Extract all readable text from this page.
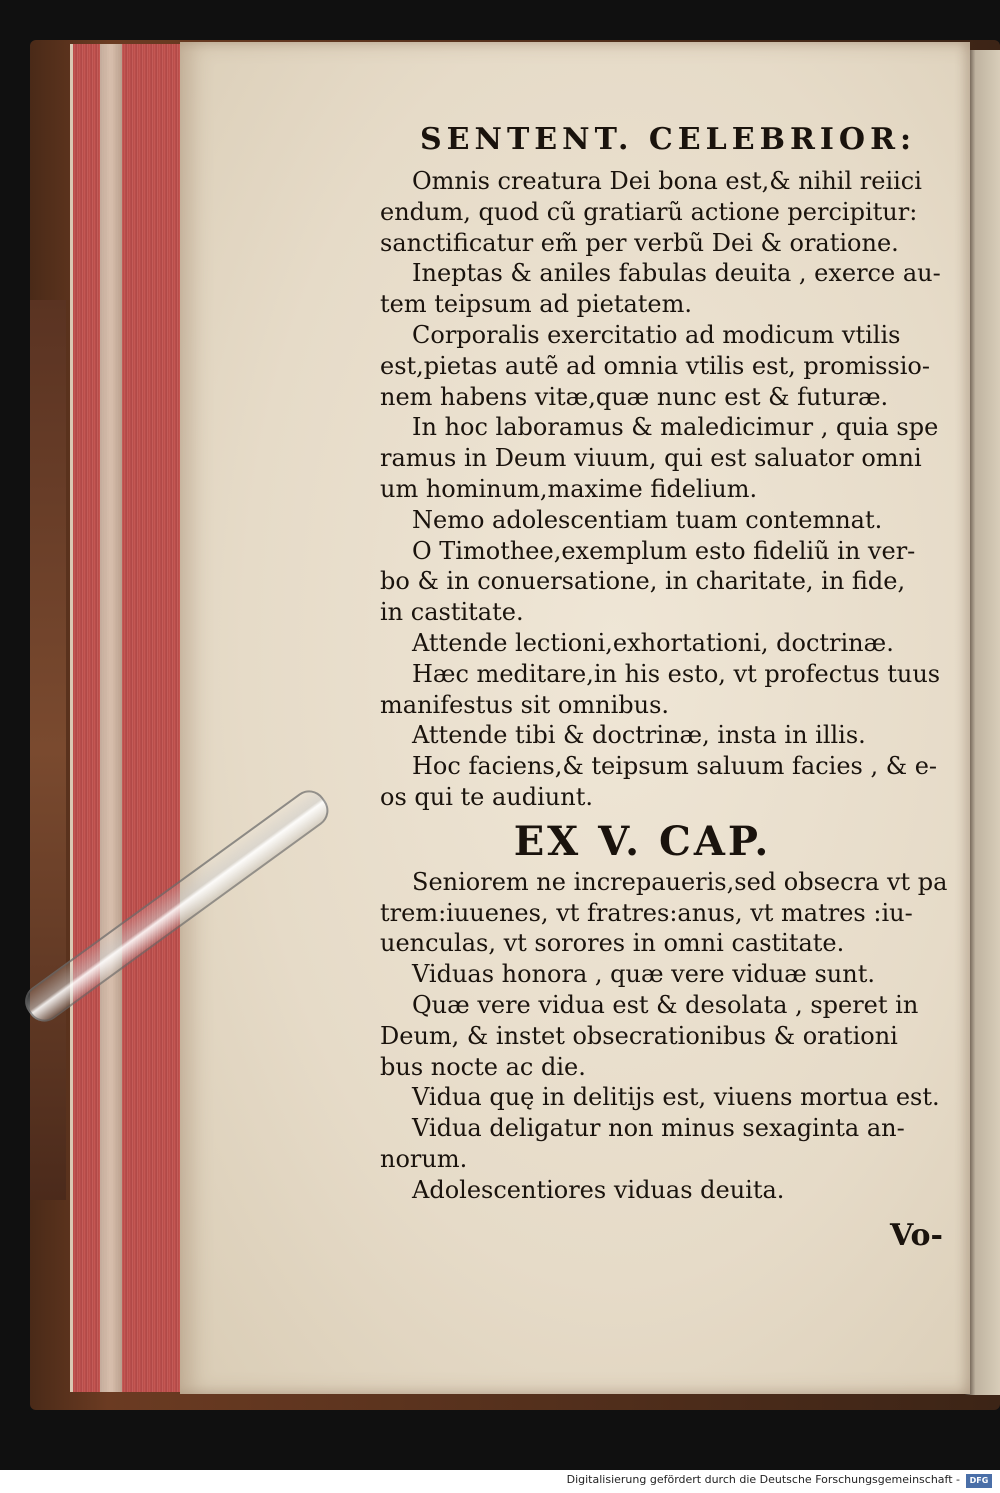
SENTENT. CELEBRIOR:
Omnis creatura Dei bona est,& nihil reiici
endum, quod cũ gratiarũ actione percipitur:
sanctificatur em̃ per verbũ Dei & oratione.
Ineptas & aniles fabulas deuita , exerce au-
tem teipsum ad pietatem.
Corporalis exercitatio ad modicum vtilis
est,pietas autẽ ad omnia vtilis est, promissio-
nem habens vitæ,quæ nunc est & futuræ.
In hoc laboramus & maledicimur , quia spe
ramus in Deum viuum, qui est saluator omni
um hominum,maxime fidelium.
Nemo adolescentiam tuam contemnat.
O Timothee,exemplum esto fideliũ in ver-
bo & in conuersatione, in charitate, in fide,
in castitate.
Attende lectioni,exhortationi, doctrinæ.
Hæc meditare,in his esto, vt profectus tuus
manifestus sit omnibus.
Attende tibi & doctrinæ, insta in illis.
Hoc faciens,& teipsum saluum facies , & e-
os qui te audiunt.
EX V. CAP.
Seniorem ne increpaueris,sed obsecra vt pa
trem:iuuenes, vt fratres:anus, vt matres :iu-
uenculas, vt sorores in omni castitate.
Viduas honora , quæ vere viduæ sunt.
Quæ vere vidua est & desolata , speret in
Deum, & instet obsecrationibus & orationi
bus nocte ac die.
Vidua quę in delitijs est, viuens mortua est.
Vidua deligatur non minus sexaginta an-
norum.
Adolescentiores viduas deuita.
Vo-
Digitalisierung gefördert durch die Deutsche Forschungsgemeinschaft -	DFG
